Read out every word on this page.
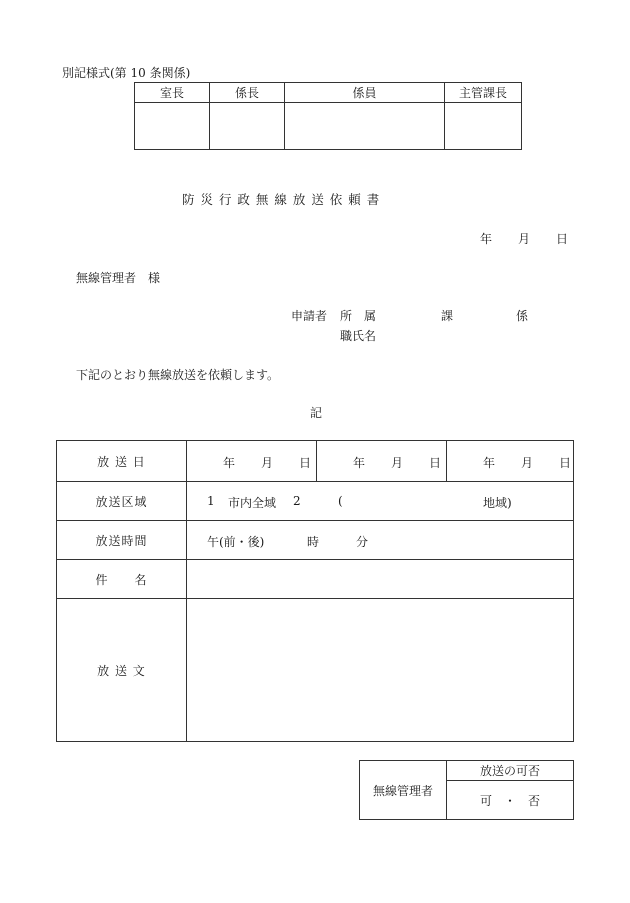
別記様式(第 10 条関係)
室長	係長	係員	主管課長

防 災 行 政 無 線 放 送 依 頼 書
年 月 日
無線管理者　様
申請者 所　属	課	係
職氏名
下記のとおり無線放送を依頼します。
記
放 送 日	年 月 日	年 月 日	年 月 日

放送区域	1 市内全域 2 ( 地域)		

放送時間	午(前・後) 時 分		

件　　名			
放 送 文			
無線管理者	放送の可否
可　・　否
